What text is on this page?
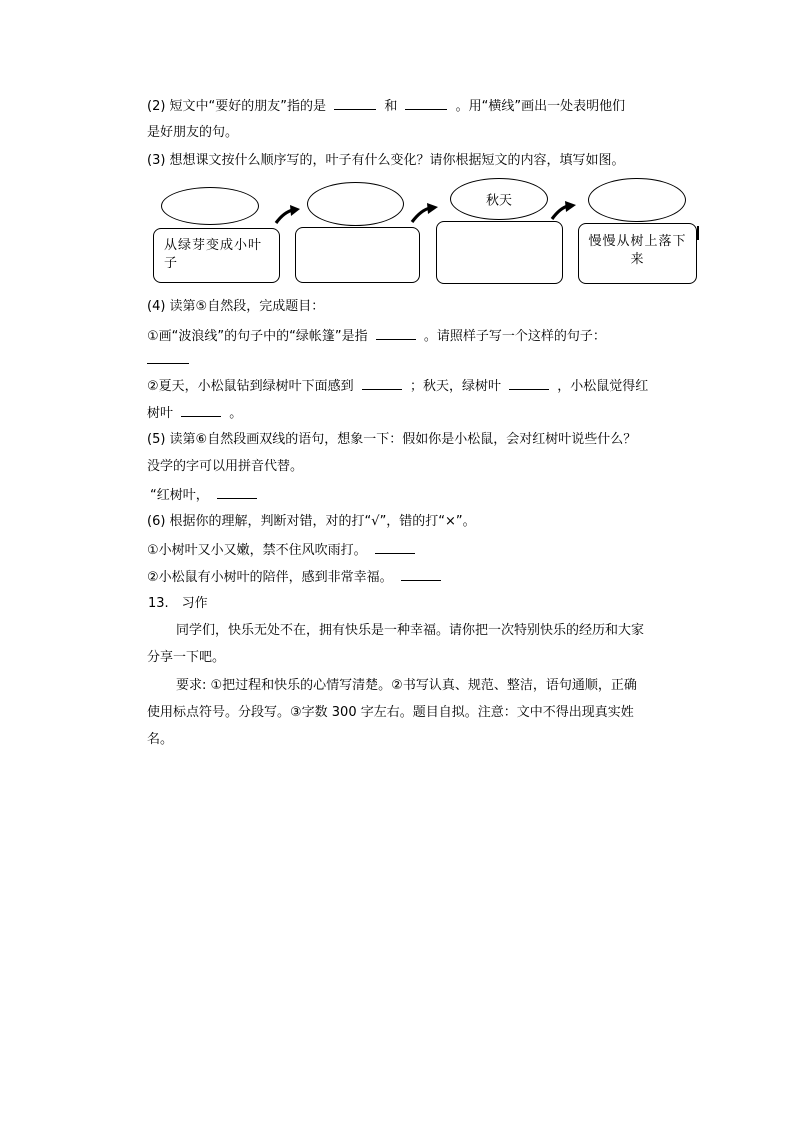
(2) 短文中“要好的朋友”指的是	和	。用“横线”画出一处表明他们
是好朋友的句。
(3) 想想课文按什么顺序写的，叶子有什么变化？请你根据短文的内容，填写如图。
从绿芽变成小叶子
秋天
慢慢从树上落下来
(4) 读第⑤自然段，完成题目：
①画“波浪线”的句子中的“绿帐篷”是指	。请照样子写一个这样的句子：
②夏天，小松鼠钻到绿树叶下面感到	；秋天，绿树叶	，小松鼠觉得红
树叶	。
(5) 读第⑥自然段画双线的语句，想象一下：假如你是小松鼠，会对红树叶说些什么？
没学的字可以用拼音代替。
“红树叶，
(6) 根据你的理解，判断对错，对的打“√”，错的打“×”。
①小树叶又小又嫩，禁不住风吹雨打。
②小松鼠有小树叶的陪伴，感到非常幸福。
13.　习作
同学们，快乐无处不在，拥有快乐是一种幸福。请你把一次特别快乐的经历和大家
分享一下吧。
要求: ①把过程和快乐的心情写清楚。②书写认真、规范、整洁，语句通顺，正确
使用标点符号。分段写。③字数 300 字左右。题目自拟。注意：文中不得出现真实姓
名。
